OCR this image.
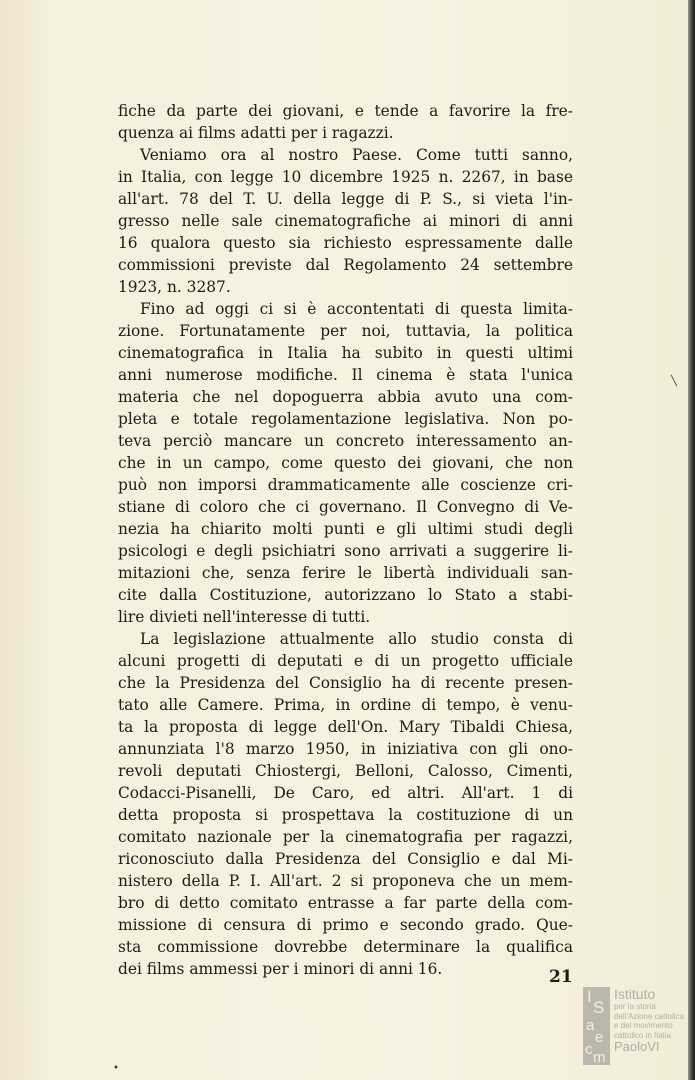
fiche da parte dei giovani, e tende a favorire la fre-
quenza ai films adatti per i ragazzi.

Veniamo ora al nostro Paese. Come tutti sanno,
in Italia, con legge 10 dicembre 1925 n. 2267, in base
all'art. 78 del T. U. della legge di P. S., si vieta l'in-
gresso nelle sale cinematografiche ai minori di anni
16 qualora questo sia richiesto espressamente dalle
commissioni previste dal Regolamento 24 settembre
1923, n. 3287.

Fino ad oggi ci si è accontentati di questa limita-
zione. Fortunatamente per noi, tuttavia, la politica
cinematografica in Italia ha subito in questi ultimi
anni numerose modifiche. Il cinema è stata l'unica
materia che nel dopoguerra abbia avuto una com-
pleta e totale regolamentazione legislativa. Non po-
teva perciò mancare un concreto interessamento an-
che in un campo, come questo dei giovani, che non
può non imporsi drammaticamente alle coscienze cri-
stiane di coloro che ci governano. Il Convegno di Ve-
nezia ha chiarito molti punti e gli ultimi studi degli
psicologi e degli psichiatri sono arrivati a suggerire li-
mitazioni che, senza ferire le libertà individuali san-
cite dalla Costituzione, autorizzano lo Stato a stabi-
lire divieti nell'interesse di tutti.

La legislazione attualmente allo studio consta di
alcuni progetti di deputati e di un progetto ufficiale
che la Presidenza del Consiglio ha di recente presen-
tato alle Camere. Prima, in ordine di tempo, è venu-
ta la proposta di legge dell'On. Mary Tibaldi Chiesa,
annunziata l'8 marzo 1950, in iniziativa con gli ono-
revoli deputati Chiostergi, Belloni, Calosso, Cimenti,
Codacci-Pisanelli, De Caro, ed altri. All'art. 1 di
detta proposta si prospettava la costituzione di un
comitato nazionale per la cinematografia per ragazzi,
riconosciuto dalla Presidenza del Consiglio e dal Mi-
nistero della P. I. All'art. 2 si proponeva che un mem-
bro di detto comitato entrasse a far parte della com-
missione di censura di primo e secondo grado. Que-
sta commissione dovrebbe determinare la qualifica
dei films ammessi per i minori di anni 16.	21
╲
•
I
S
a
e
c m
Istituto
per la storia
dell'Azione cattolica
e del movimento
cattolico in Italia
PaoloVI
